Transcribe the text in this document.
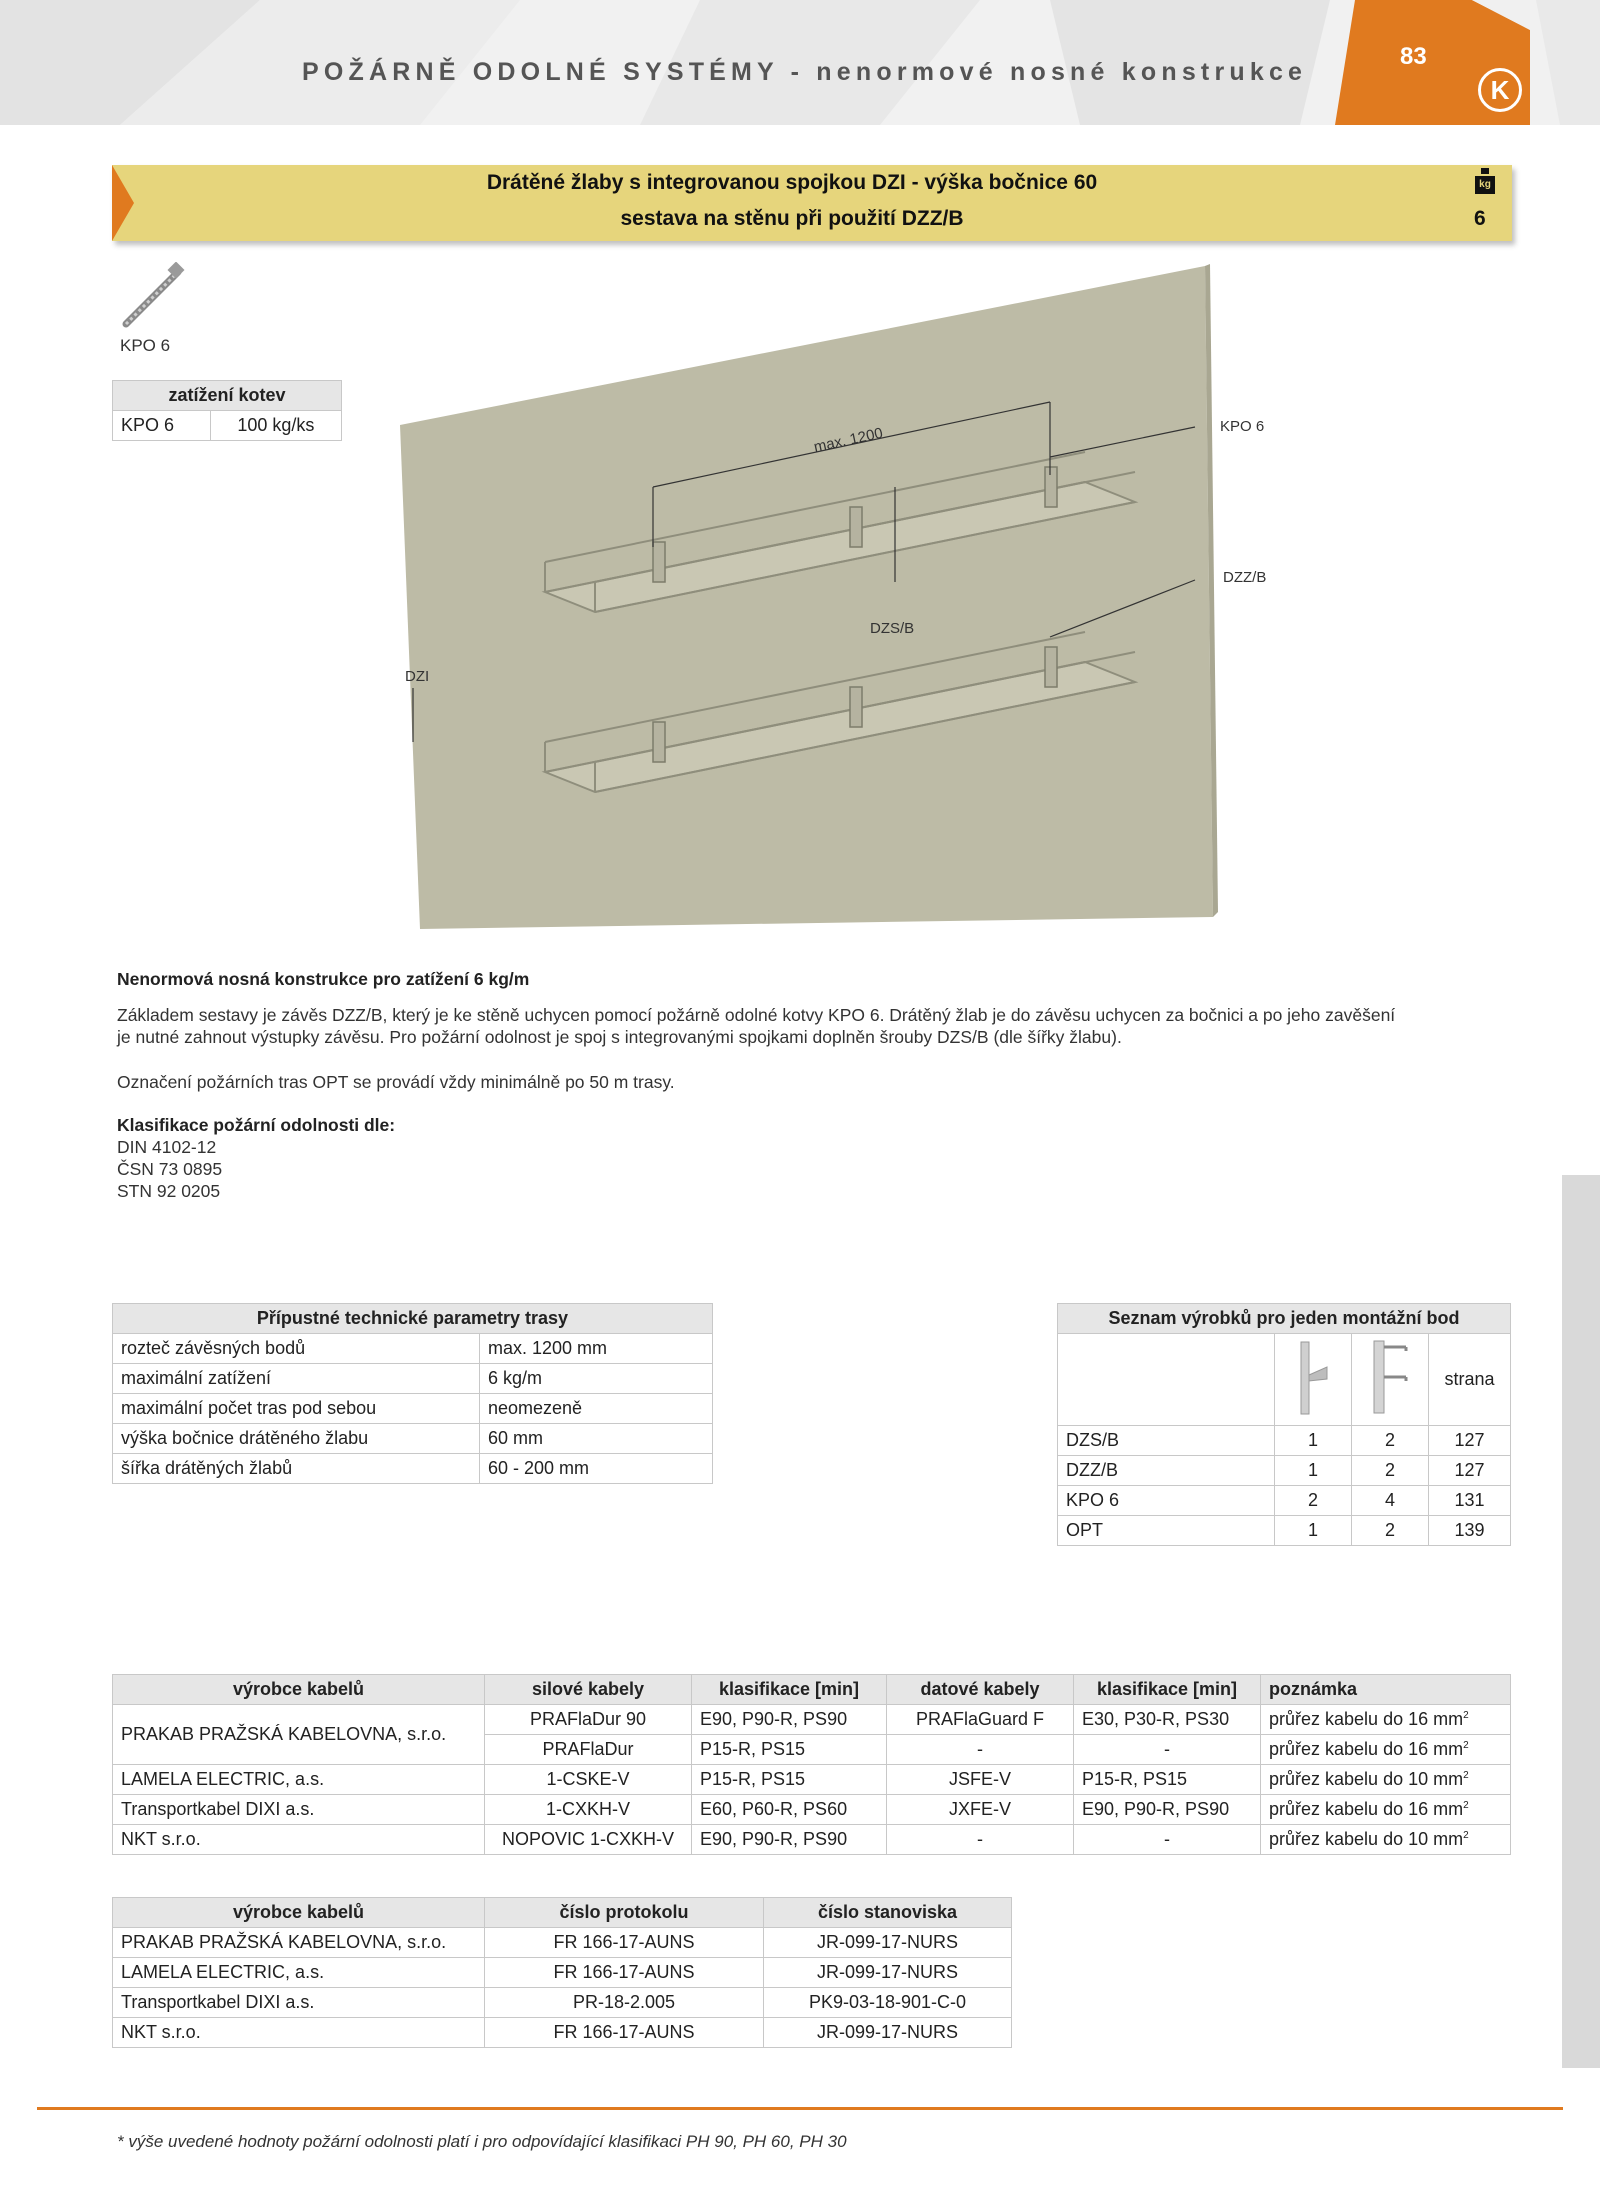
POŽÁRNĚ ODOLNÉ SYSTÉMY - nenormové nosné konstrukce
83
K
Drátěné žlaby s integrovanou spojkou DZI - výška bočnice 60
sestava na stěnu při použití DZZ/B
kg
6
KPO 6
zatížení kotev
KPO 6	100 kg/ks	max. 1200	KPO 6
DZZ/B
DZS/B
DZI
Nenormová nosná konstrukce pro zatížení 6 kg/m
Základem sestavy je závěs DZZ/B, který je ke stěně uchycen pomocí požárně odolné kotvy KPO 6. Drátěný žlab je do závěsu uchycen za bočnici a po jeho zavěšení
je nutné zahnout výstupky závěsu. Pro požární odolnost je spoj s integrovanými spojkami doplněn šrouby DZS/B (dle šířky žlabu).
Označení požárních tras OPT se provádí vždy minimálně po 50 m trasy.
Klasifikace požární odolnosti dle:
DIN 4102-12
ČSN 73 0895
STN 92 0205
Přípustné technické parametry trasy	
rozteč závěsných bodů	max. 1200 mm
maximální zatížení	6 kg/m
maximální počet tras pod sebou	neomezeně
výška bočnice drátěného žlabu	60 mm
šířka drátěných žlabů	60 - 200 mm
Seznam výrobků pro jeden montážní bod			
			strana
DZS/B	1	2	127
DZZ/B	1	2	127
KPO 6	2	4	131
OPT	1	2	139
výrobce kabelů	silové kabely	klasifikace [min]	datové kabely	klasifikace [min]	poznámka
PRAKAB PRAŽSKÁ KABELOVNA, s.r.o.	PRAFlaDur 90	E90, P90-R, PS90	PRAFlaGuard F	E30, P30-R, PS30	průřez kabelu do 16 $mm^2$
	PRAFlaDur	P15-R, PS15	-	-	průřez kabelu do 16 $mm^2$
LAMELA ELECTRIC, a.s.	1-CSKE-V	P15-R, PS15	JSFE-V	P15-R, PS15	průřez kabelu do 10 $mm^2$
Transportkabel DIXI a.s.	1-CXKH-V	E60, P60-R, PS60	JXFE-V	E90, P90-R, PS90	průřez kabelu do 16 $mm^2$
NKT s.r.o.	NOPOVIC 1-CXKH-V	E90, P90-R, PS90	-	-	průřez kabelu do 10 $mm^2$
výrobce kabelů	číslo protokolu	číslo stanoviska
PRAKAB PRAŽSKÁ KABELOVNA, s.r.o.	FR 166-17-AUNS	JR-099-17-NURS
LAMELA ELECTRIC, a.s.	FR 166-17-AUNS	JR-099-17-NURS
Transportkabel DIXI a.s.	PR-18-2.005	PK9-03-18-901-C-0
NKT s.r.o.	FR 166-17-AUNS	JR-099-17-NURS
* výše uvedené hodnoty požární odolnosti platí i pro odpovídající klasifikaci PH 90, PH 60, PH 30
